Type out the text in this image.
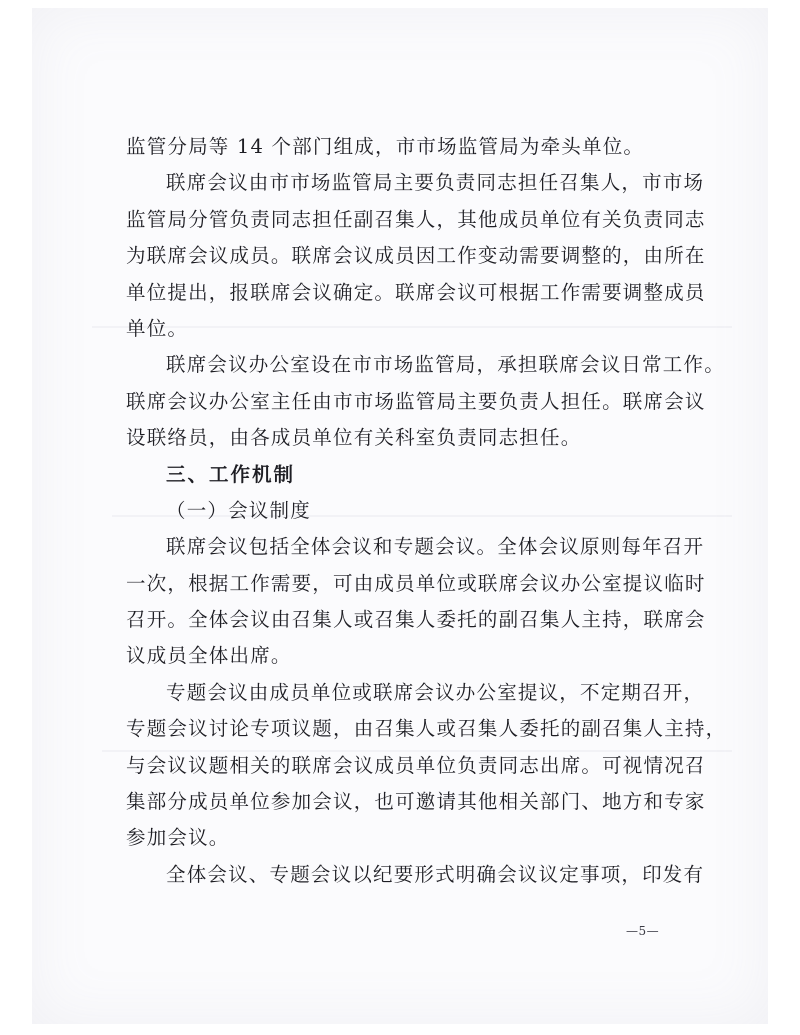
监管分局等 14 个部门组成，市市场监管局为牵头单位。
联席会议由市市场监管局主要负责同志担任召集人，市市场
监管局分管负责同志担任副召集人，其他成员单位有关负责同志
为联席会议成员。联席会议成员因工作变动需要调整的，由所在
单位提出，报联席会议确定。联席会议可根据工作需要调整成员
单位。
联席会议办公室设在市市场监管局，承担联席会议日常工作。
联席会议办公室主任由市市场监管局主要负责人担任。联席会议
设联络员，由各成员单位有关科室负责同志担任。
三、工作机制
（一）会议制度
联席会议包括全体会议和专题会议。全体会议原则每年召开
一次，根据工作需要，可由成员单位或联席会议办公室提议临时
召开。全体会议由召集人或召集人委托的副召集人主持，联席会
议成员全体出席。
专题会议由成员单位或联席会议办公室提议，不定期召开，
专题会议讨论专项议题，由召集人或召集人委托的副召集人主持，
与会议议题相关的联席会议成员单位负责同志出席。可视情况召
集部分成员单位参加会议，也可邀请其他相关部门、地方和专家
参加会议。
全体会议、专题会议以纪要形式明确会议议定事项，印发有
—5—
